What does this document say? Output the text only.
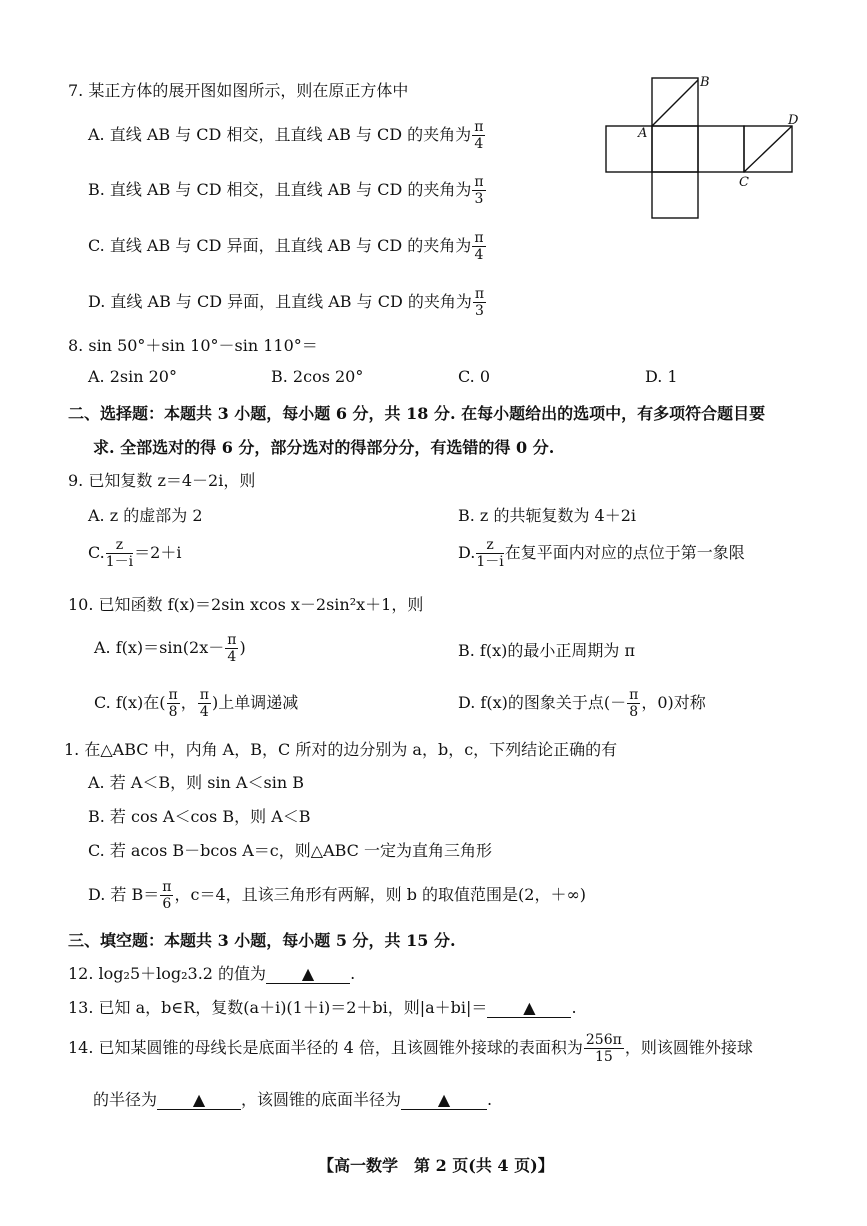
7. 某正方体的展开图如图所示，则在原正方体中
A. 直线 AB 与 CD 相交，且直线 AB 与 CD 的夹角为 $\frac{\pi}{4}$
B. 直线 AB 与 CD 相交，且直线 AB 与 CD 的夹角为 $\frac{\pi}{3}$
C. 直线 AB 与 CD 异面，且直线 AB 与 CD 的夹角为 $\frac{\pi}{4}$
D. 直线 AB 与 CD 异面，且直线 AB 与 CD 的夹角为 $\frac{\pi}{3}$
A
B
C
D
8. sin 50°＋sin 10°－sin 110°＝
A. 2sin 20°	B. 2cos 20°	C. 0	D. 1
二、选择题：本题共 3 小题，每小题 6 分，共 18 分. 在每小题给出的选项中，有多项符合题目要
求. 全部选对的得 6 分，部分选对的得部分分，有选错的得 0 分.
9. 已知复数 z＝4－2i，则
A. z 的虚部为 2	B. z 的共轭复数为 4＋2i
C. $\frac{z}{1-i} =2+i$	D. $\frac{z}{1-i}$ 在复平面内对应的点位于第一象限
10. 已知函数 f(x)＝2sin xcos x－2sin²x＋1，则
A. $f(x)=\sin(2x- \frac{\pi}{4}$ )	B. f(x)的最小正周期为 π
C. f(x)在( $\frac{\pi}{8}$ ， $\frac{\pi}{4}$ )上单调递减	D. f(x)的图象关于点(－ $\frac{\pi}{8}$ ，0)对称
1. 在△ABC 中，内角 A，B，C 所对的边分别为 a，b，c，下列结论正确的有
A. 若 A＜B，则 sin A＜sin B
B. 若 cos A＜cos B，则 A＜B
C. 若 acos B－bcos A＝c，则△ABC 一定为直角三角形
D. 若 $B= \frac{\pi}{6}$ ，c＝4，且该三角形有两解，则 b 的取值范围是(2，＋∞)
三、填空题：本题共 3 小题，每小题 5 分，共 15 分.
12. log₂5＋log₂3.2 的值为 ▲ .
13. 已知 a，b∈R，复数(a＋i)(1＋i)＝2＋bi，则|a＋bi|＝ ▲ .
14. 已知某圆锥的母线长是底面半径的 4 倍，且该圆锥外接球的表面积为 $\frac{256\pi}{15}$ ，则该圆锥外接球
的半径为 ▲ ，该圆锥的底面半径为 ▲ .
【高一数学　第 2 页(共 4 页)】
